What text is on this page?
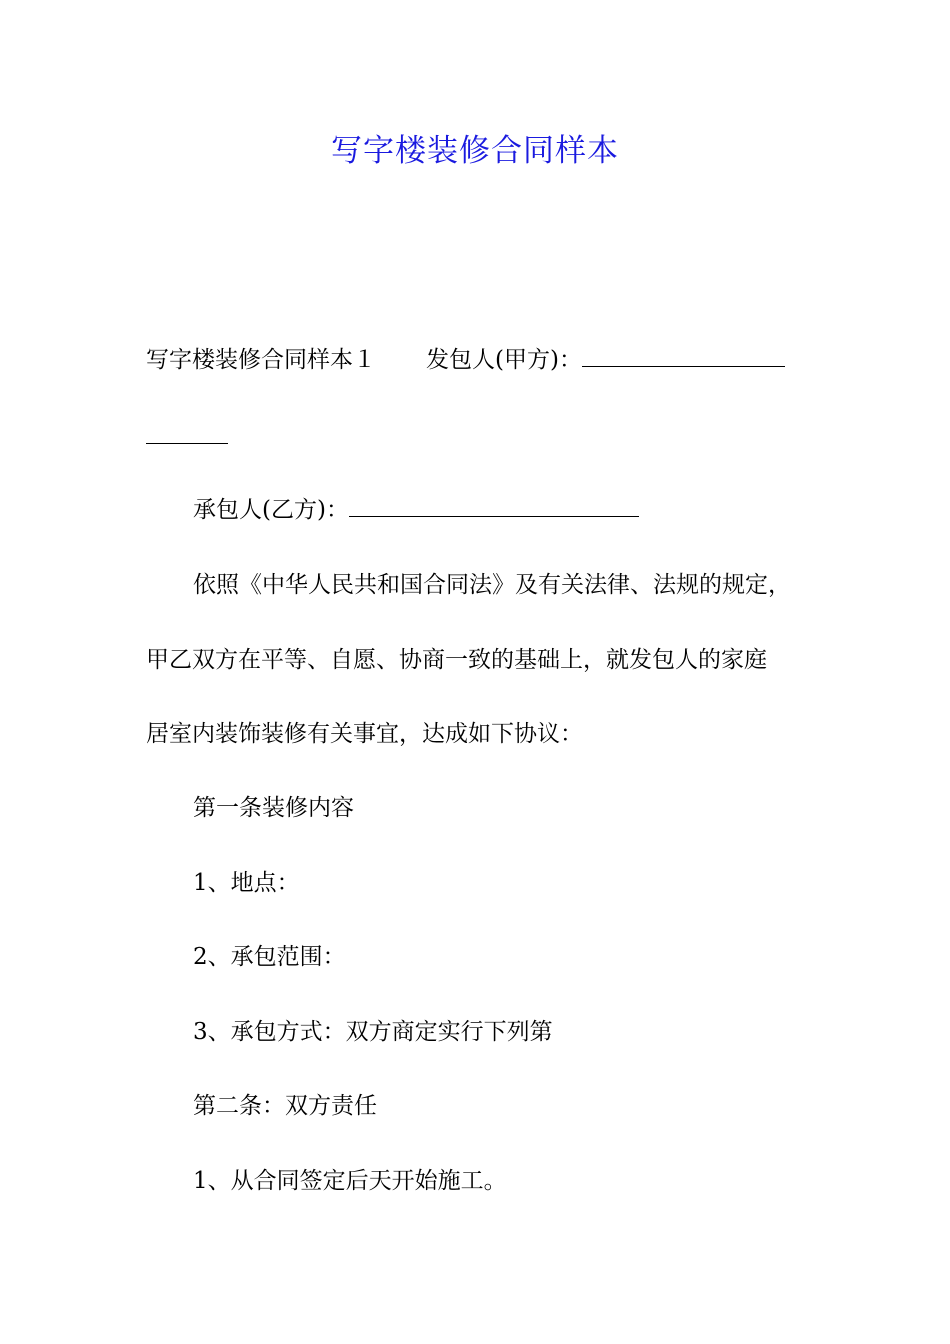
写字楼装修合同样本
写字楼装修合同样本１ 发包人(甲方)：
承包人(乙方)：
依照《中华人民共和国合同法》及有关法律、法规的规定，
甲乙双方在平等、自愿、协商一致的基础上，就发包人的家庭
居室内装饰装修有关事宜，达成如下协议：
第一条装修内容
1、地点：
2、承包范围：
3、承包方式：双方商定实行下列第
第二条：双方责任
1、从合同签定后天开始施工。
